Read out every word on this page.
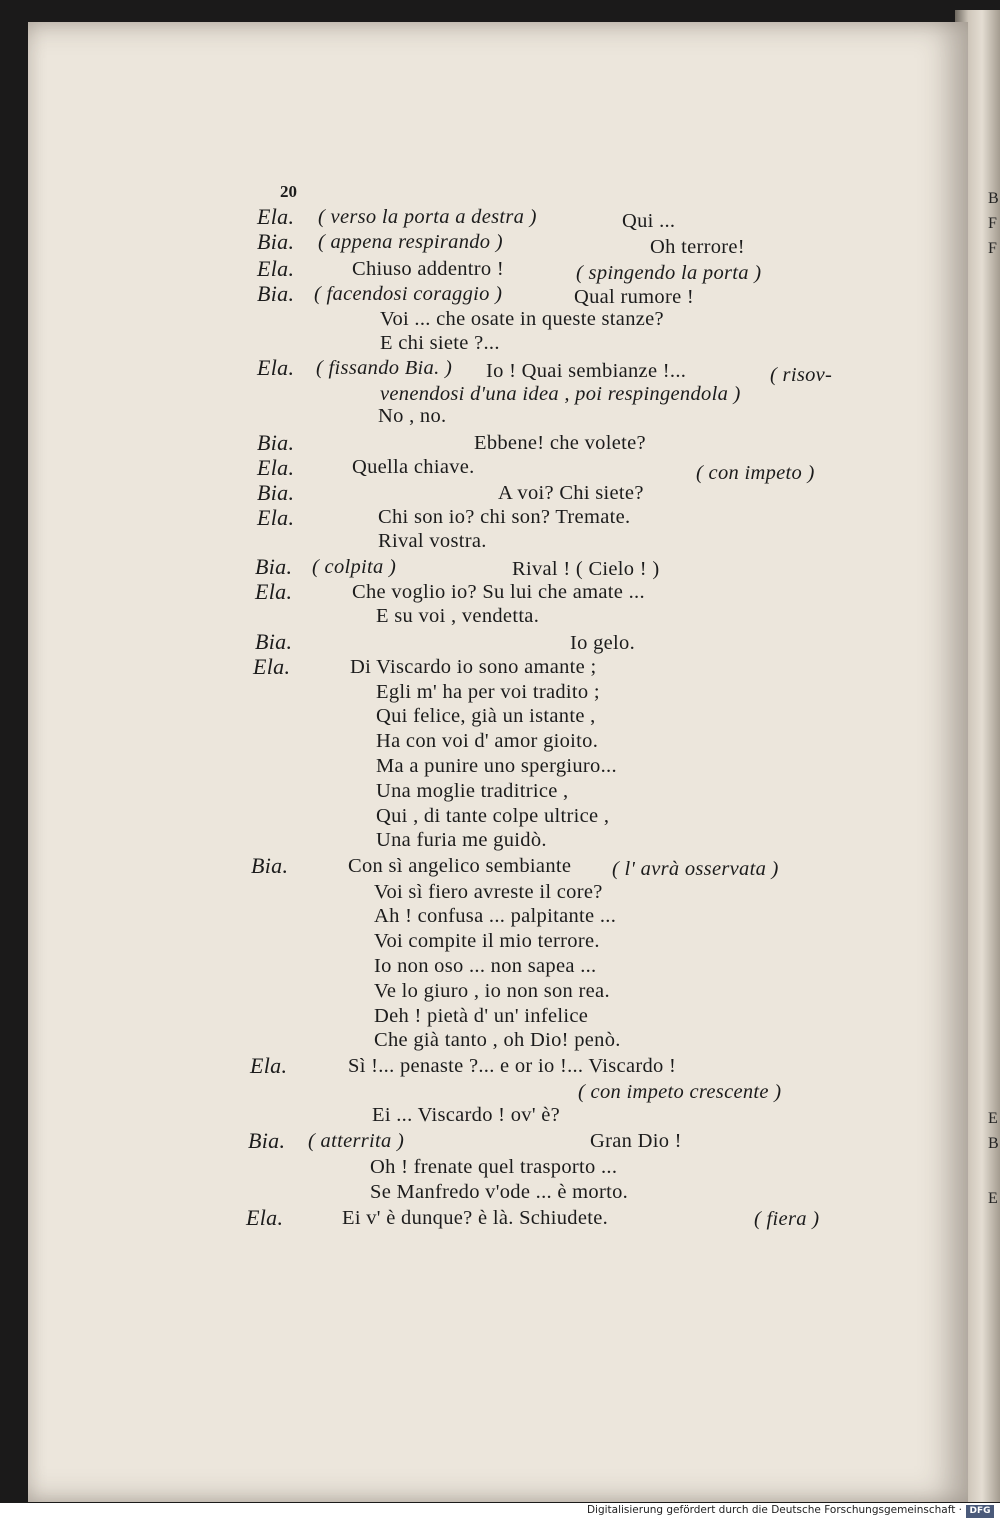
B
F
F
E
B
E
20
Ela. ( verso la porta a destra )	Qui ...
Bia. ( appena respirando )	Oh terrore!
Ela.	Chiuso addentro !	( spingendo la porta )
Bia. ( facendosi coraggio )	Qual rumore !
Voi ... che osate in queste stanze?
E chi siete ?...
Ela. ( fissando Bia. ) Io ! Quai sembianze !...	( risov-
venendosi d'una idea , poi respingendola )
No , no.
Bia.	Ebbene! che volete?
Ela.	Quella chiave.	( con impeto )
Bia.	A voi? Chi siete?
Ela.	Chi son io? chi son? Tremate.
Rival vostra.
Bia. ( colpita )	Rival ! ( Cielo ! )
Ela.	Che voglio io? Su lui che amate ...
E su voi , vendetta.
Bia.	Io gelo.
Ela.	Di Viscardo io sono amante ;
Egli m' ha per voi tradito ;
Qui felice, già un istante ,
Ha con voi d' amor gioito.
Ma a punire uno spergiuro...
Una moglie traditrice ,
Qui , di tante colpe ultrice ,
Una furia me guidò.
Bia.	Con sì angelico sembiante ( l' avrà osservata )
Voi sì fiero avreste il core?
Ah ! confusa ... palpitante ...
Voi compite il mio terrore.
Io non oso ... non sapea ...
Ve lo giuro , io non son rea.
Deh ! pietà d' un' infelice
Che già tanto , oh Dio! penò.
Ela.	Sì !... penaste ?... e or io !... Viscardo !
( con impeto crescente )
Ei ... Viscardo ! ov' è?
Bia. ( atterrita )	Gran Dio !
Oh ! frenate quel trasporto ...
Se Manfredo v'ode ... è morto.
Ela.	Ei v' è dunque? è là. Schiudete.	( fiera )
Digitalisierung gefördert durch die Deutsche Forschungsgemeinschaft · DFG
